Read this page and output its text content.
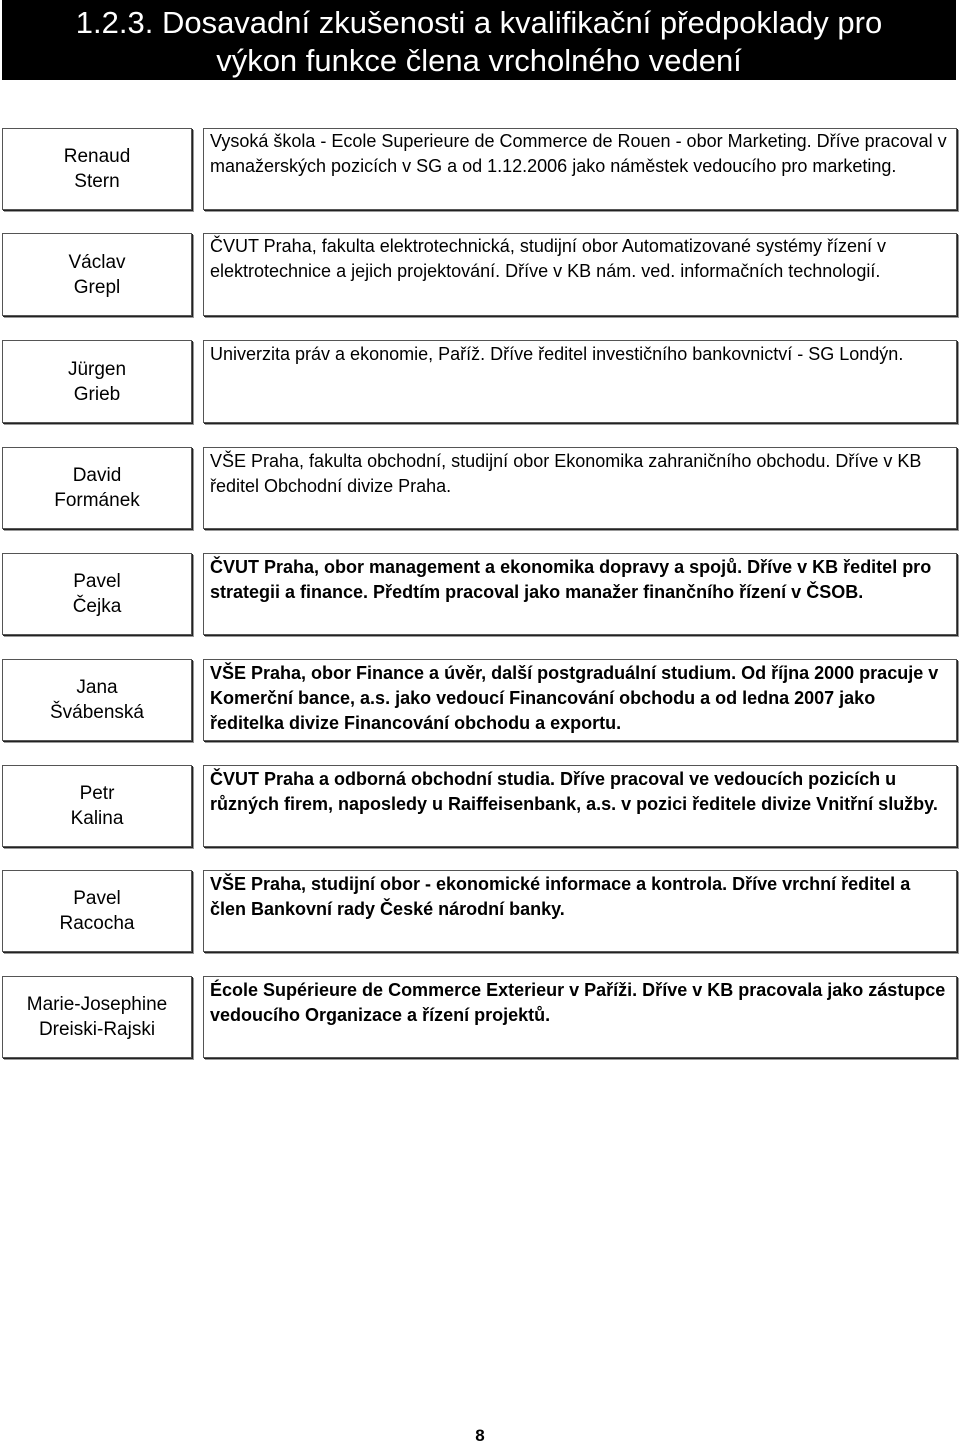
1.2.3. Dosavadní zkušenosti a kvalifikační předpoklady pro
výkon funkce člena vrcholného vedení
Renaud
Stern
Vysoká škola - Ecole Superieure de Commerce de Rouen - obor Marketing. Dříve pracoval v manažerských pozicích v SG a od 1.12.2006 jako náměstek vedoucího pro marketing.
Václav
Grepl
ČVUT Praha, fakulta elektrotechnická, studijní obor Automatizované systémy řízení v elektrotechnice a jejich projektování. Dříve v KB nám. ved. informačních technologií.
Jürgen
Grieb
Univerzita práv a ekonomie, Paříž. Dříve ředitel investičního bankovnictví - SG Londýn.
David
Formánek
VŠE Praha, fakulta obchodní, studijní obor Ekonomika zahraničního obchodu. Dříve v KB ředitel Obchodní divize Praha.
Pavel
Čejka
ČVUT Praha, obor management a ekonomika dopravy a spojů. Dříve v KB ředitel pro strategii a finance. Předtím pracoval jako manažer finančního řízení v ČSOB.
Jana
Švábenská
VŠE Praha, obor Finance a úvěr, další postgraduální studium. Od října 2000 pracuje v Komerční bance, a.s. jako vedoucí Financování obchodu a od ledna 2007 jako ředitelka divize Financování obchodu a exportu.
Petr
Kalina
ČVUT Praha a odborná obchodní studia. Dříve pracoval ve vedoucích pozicích u různých firem, naposledy u Raiffeisenbank, a.s. v pozici ředitele divize Vnitřní služby.
Pavel
Racocha
VŠE Praha, studijní obor - ekonomické informace a kontrola. Dříve vrchní ředitel a člen Bankovní rady České národní banky.
Marie-Josephine
Dreiski-Rajski
École Supérieure de Commerce Exterieur v Paříži. Dříve v KB pracovala jako zástupce vedoucího Organizace a řízení projektů.
8
